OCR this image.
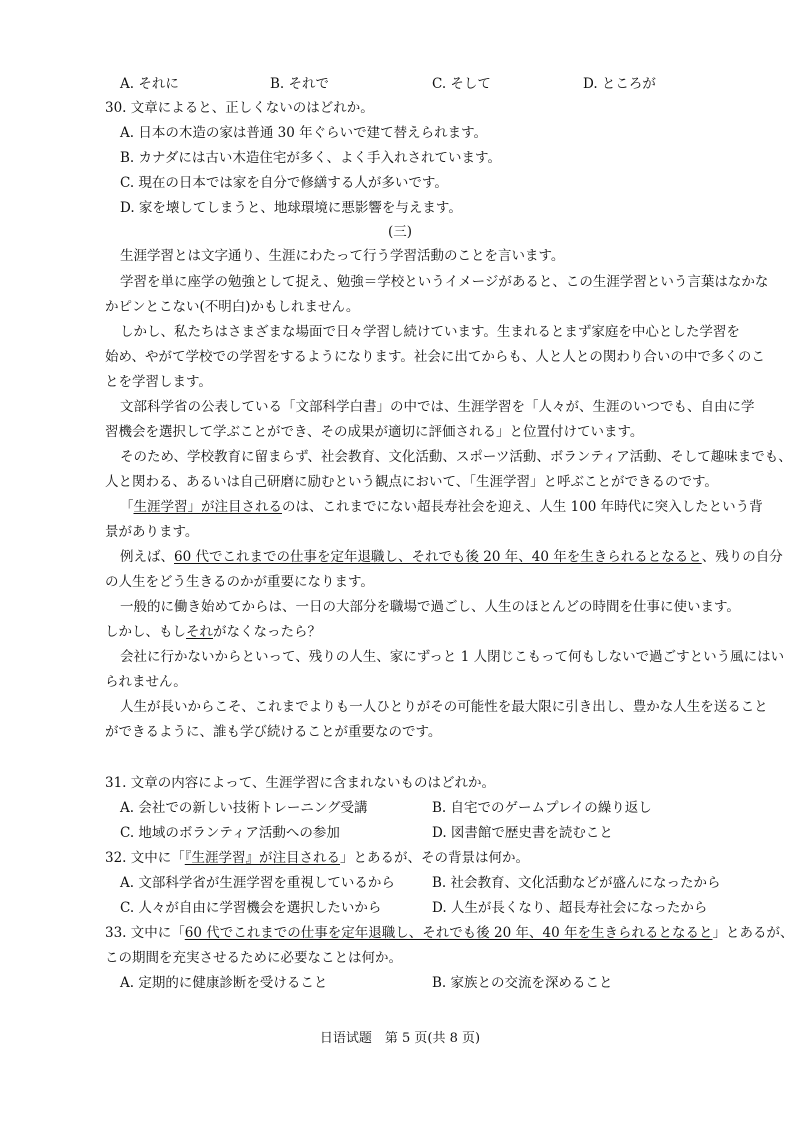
A. それに	B. それで	C. そして	D. ところが
30. 文章によると、正しくないのはどれか。
A. 日本の木造の家は普通 30 年ぐらいで建て替えられます。
B. カナダには古い木造住宅が多く、よく手入れされています。
C. 現在の日本では家を自分で修繕する人が多いです。
D. 家を壊してしまうと、地球環境に悪影響を与えます。
(三)
生涯学習とは文字通り、生涯にわたって行う学習活動のことを言います。
学習を単に座学の勉強として捉え、勉強＝学校というイメージがあると、この生涯学習という言葉はなかな
かピンとこない(不明白)かもしれません。
しかし、私たちはさまざまな場面で日々学習し続けています。生まれるとまず家庭を中心とした学習を
始め、やがて学校での学習をするようになります。社会に出てからも、人と人との関わり合いの中で多くのこ
とを学習します。
文部科学省の公表している「文部科学白書」の中では、生涯学習を「人々が、生涯のいつでも、自由に学
習機会を選択して学ぶことができ、その成果が適切に評価される」と位置付けています。
そのため、学校教育に留まらず、社会教育、文化活動、スポーツ活動、ボランティア活動、そして趣味までも、
人と関わる、あるいは自己研磨に励むという観点において、「生涯学習」と呼ぶことができるのです。
「生涯学習」が注目されるのは、これまでにない超長寿社会を迎え、人生 100 年時代に突入したという背
景があります。
例えば、60 代でこれまでの仕事を定年退職し、それでも後 20 年、40 年を生きられるとなると、残りの自分
の人生をどう生きるのかが重要になります。
一般的に働き始めてからは、一日の大部分を職場で過ごし、人生のほとんどの時間を仕事に使います。
しかし、もしそれがなくなったら？
会社に行かないからといって、残りの人生、家にずっと 1 人閉じこもって何もしないで過ごすという風にはい
られません。
人生が長いからこそ、これまでよりも一人ひとりがその可能性を最大限に引き出し、豊かな人生を送ること
ができるように、誰も学び続けることが重要なのです。
31. 文章の内容によって、生涯学習に含まれないものはどれか。
A. 会社での新しい技術トレーニング受講	B. 自宅でのゲームプレイの繰り返し
C. 地域のボランティア活動への参加	D. 図書館で歴史書を読むこと
32. 文中に「『生涯学習』が注目される」とあるが、その背景は何か。
A. 文部科学省が生涯学習を重視しているから	B. 社会教育、文化活動などが盛んになったから
C. 人々が自由に学習機会を選択したいから	D. 人生が長くなり、超長寿社会になったから
33. 文中に「60 代でこれまでの仕事を定年退職し、それでも後 20 年、40 年を生きられるとなると」とあるが、
この期間を充実させるために必要なことは何か。
A. 定期的に健康診断を受けること	B. 家族との交流を深めること
日语试题　第 5 页(共 8 页)
